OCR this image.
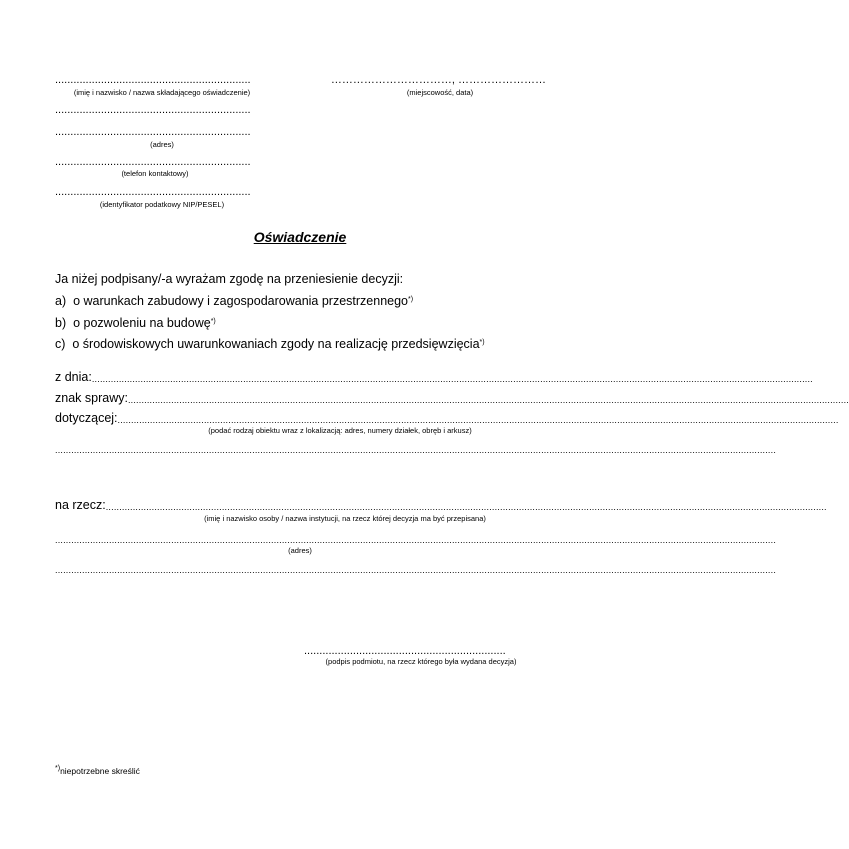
................................................................
(imię i nazwisko / nazwa składającego oświadczenie)
……………………………, ……………………
(miejscowość, data)
................................................................
................................................................
(adres)
................................................................
(telefon kontaktowy)
................................................................
(identyfikator podatkowy NIP/PESEL)
Oświadczenie
Ja niżej podpisany/-a wyrażam zgodę na przeniesienie decyzji:
a) o warunkach zabudowy i zagospodarowania przestrzennego*)
b) o pozwoleniu na budowę*)
c) o środowiskowych uwarunkowaniach zgody na realizację przedsięwzięcia*)
z dnia: ...........................................................................................................................................................................................................................................................................
znak sprawy: ...........................................................................................................................................................................................................................................................................
dotyczącej: ...........................................................................................................................................................................................................................................................................
(podać rodzaj obiektu wraz z lokalizacją: adres, numery działek, obręb i arkusz)
...........................................................................................................................................................................................................................................................................
na rzecz: ...........................................................................................................................................................................................................................................................................
(imię i nazwisko osoby / nazwa instytucji, na rzecz której decyzja ma być przepisana)
...........................................................................................................................................................................................................................................................................
(adres)
...........................................................................................................................................................................................................................................................................
..................................................................
(podpis podmiotu, na rzecz którego była wydana decyzja)
*)niepotrzebne skreślić
